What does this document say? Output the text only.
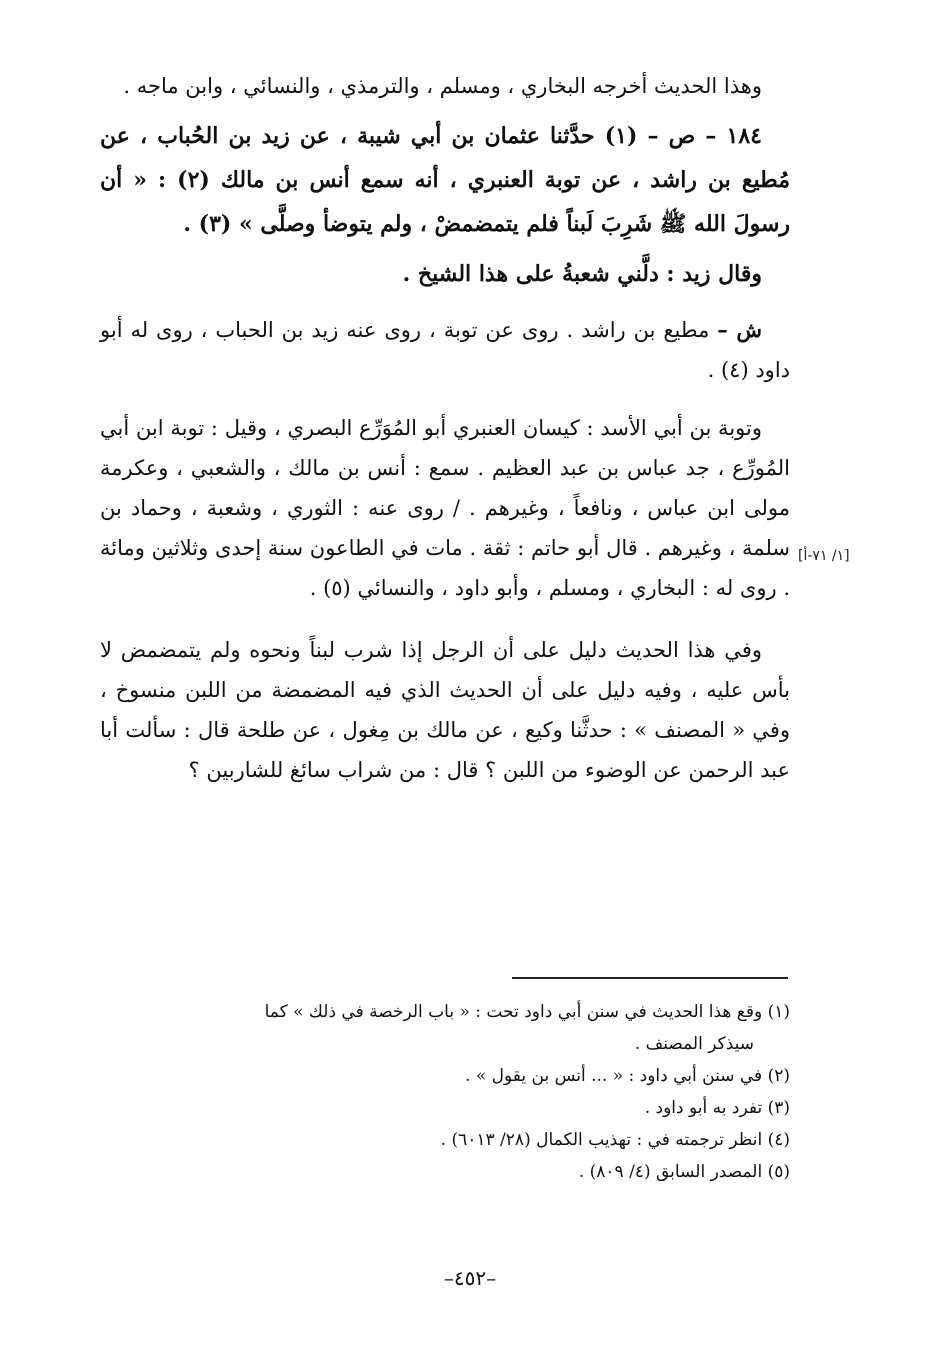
وهذا الحديث أخرجه البخاري ، ومسلم ، والترمذي ، والنسائي ، وابن ماجه .

١٨٤ – ص – (١) حدَّثنا عثمان بن أبي شيبة ، عن زيد بن الحُباب ، عن مُطيع بن راشد ، عن توبة العنبري ، أنه سمع أنس بن مالك (٢) : « أن رسولَ الله ﷺ شَرِبَ لَبناً فلم يتمضمضْ ، ولم يتوضأ وصلَّى » (٣) .

وقال زيد : دلَّني شعبةُ على هذا الشيخ .

ش – مطيع بن راشد . روى عن توبة ، روى عنه زيد بن الحباب ، روى له أبو داود (٤) .

وتوبة بن أبي الأسد : كيسان العنبري أبو المُوَرِّع البصري ، وقيل : توبة ابن أبي المُورِّع ، جد عباس بن عبد العظيم . سمع : أنس بن مالك ، والشعبي ، وعكرمة مولى ابن عباس ، ونافعاً ، وغيرهم . / روى عنه : الثوري ، وشعبة ، وحماد بن سلمة ، وغيرهم . قال أبو حاتم : ثقة . مات في الطاعون سنة إحدى وثلاثين ومائة . روى له : البخاري ، ومسلم ، وأبو داود ، والنسائي (٥) .

وفي هذا الحديث دليل على أن الرجل إذا شرب لبناً ونحوه ولم يتمضمض لا بأس عليه ، وفيه دليل على أن الحديث الذي فيه المضمضة من اللبن منسوخ ، وفي « المصنف » : حدثَّنا وكيع ، عن مالك بن مِغول ، عن طلحة قال : سألت أبا عبد الرحمن عن الوضوء من اللبن ؟ قال : من شراب سائغ للشاربين ؟

[١/ ٧١-أ]

(١) وقع هذا الحديث في سنن أبي داود تحت : « باب الرخصة في ذلك » كما

سيذكر المصنف .

(٢) في سنن أبي داود : « ... أنس بن يقول » .

(٣) تفرد به أبو داود .

(٤) انظر ترجمته في : تهذيب الكمال (٢٨/ ٦٠١٣) .

(٥) المصدر السابق (٤/ ٨٠٩) .

–٤٥٢–
